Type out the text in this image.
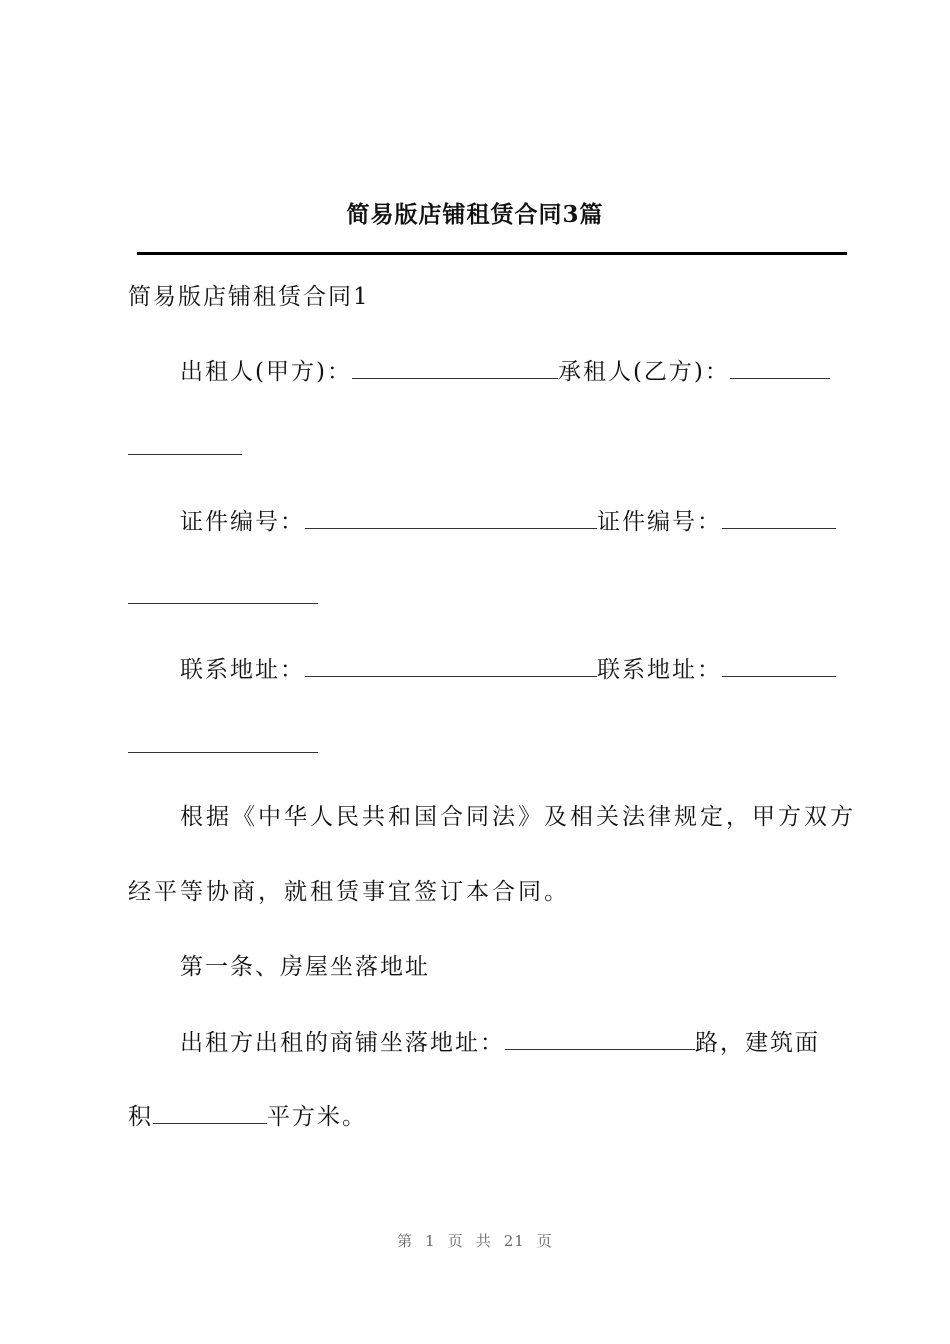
简易版店铺租赁合同3篇
简易版店铺租赁合同1
出租人(甲方)：	承租人(乙方)：
证件编号：	证件编号：
联系地址：	联系地址：
根据《中华人民共和国合同法》及相关法律规定，甲方双方
经平等协商，就租赁事宜签订本合同。
第一条、房屋坐落地址
出租方出租的商铺坐落地址：	路，建筑面
积	平方米。
第 1 页 共 21 页
